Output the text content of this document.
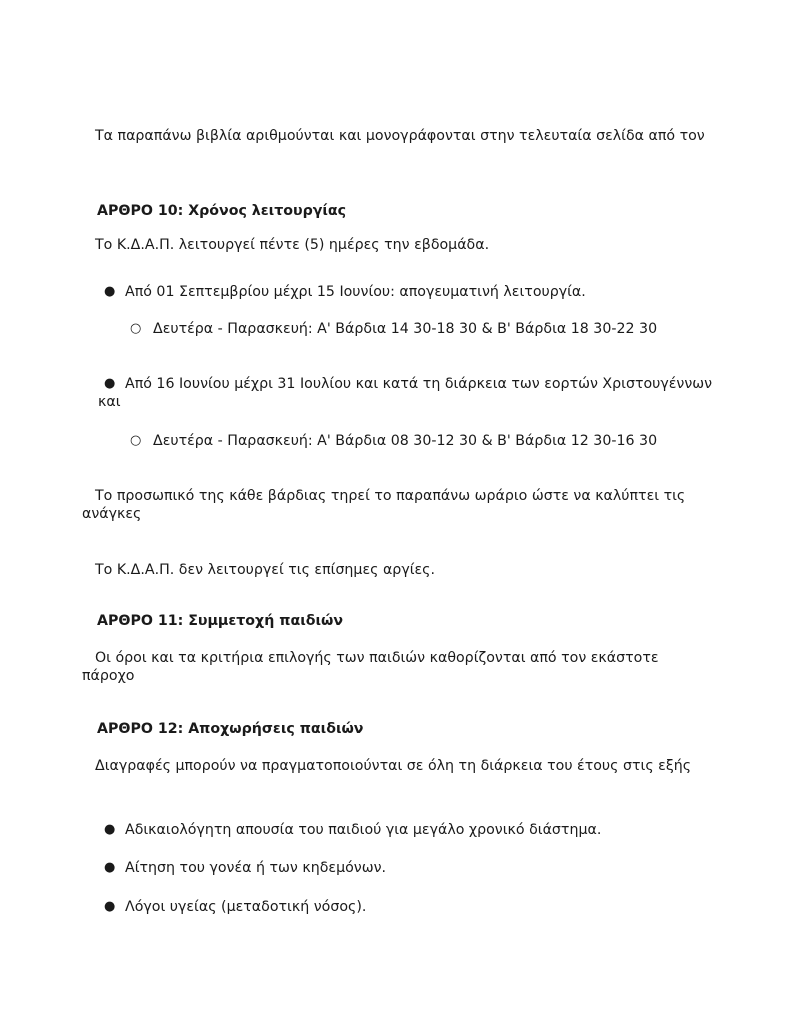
Τα παραπάνω βιβλία αριθμούνται και μονογράφονται στην τελευταία σελίδα από τον

ΑΡΘΡΟ 10: Χρόνος λειτουργίας

Το Κ.Δ.Α.Π. λειτουργεί πέντε (5) ημέρες την εβδομάδα.

● Από 01 Σεπτεμβρίου μέχρι 15 Ιουνίου: απογευματινή λειτουργία.
○ Δευτέρα - Παρασκευή: Α' Βάρδια 14 30-18 30 & Β' Βάρδια 18 30-22 30
● Από 16 Ιουνίου μέχρι 31 Ιουλίου και κατά τη διάρκεια των εορτών Χριστουγέννων
και
○ Δευτέρα - Παρασκευή: Α' Βάρδια 08 30-12 30 & Β' Βάρδια 12 30-16 30

Το προσωπικό της κάθε βάρδιας τηρεί το παραπάνω ωράριο ώστε να καλύπτει τις ανάγκες

Το Κ.Δ.Α.Π. δεν λειτουργεί τις επίσημες αργίες.

ΑΡΘΡΟ 11: Συμμετοχή παιδιών

Οι όροι και τα κριτήρια επιλογής των παιδιών καθορίζονται από τον εκάστοτε πάροχο

ΑΡΘΡΟ 12: Αποχωρήσεις παιδιών

Διαγραφές μπορούν να πραγματοποιούνται σε όλη τη διάρκεια του έτους στις εξής

● Αδικαιολόγητη απουσία του παιδιού για μεγάλο χρονικό διάστημα.
● Αίτηση του γονέα ή των κηδεμόνων.
● Λόγοι υγείας (μεταδοτική νόσος).
